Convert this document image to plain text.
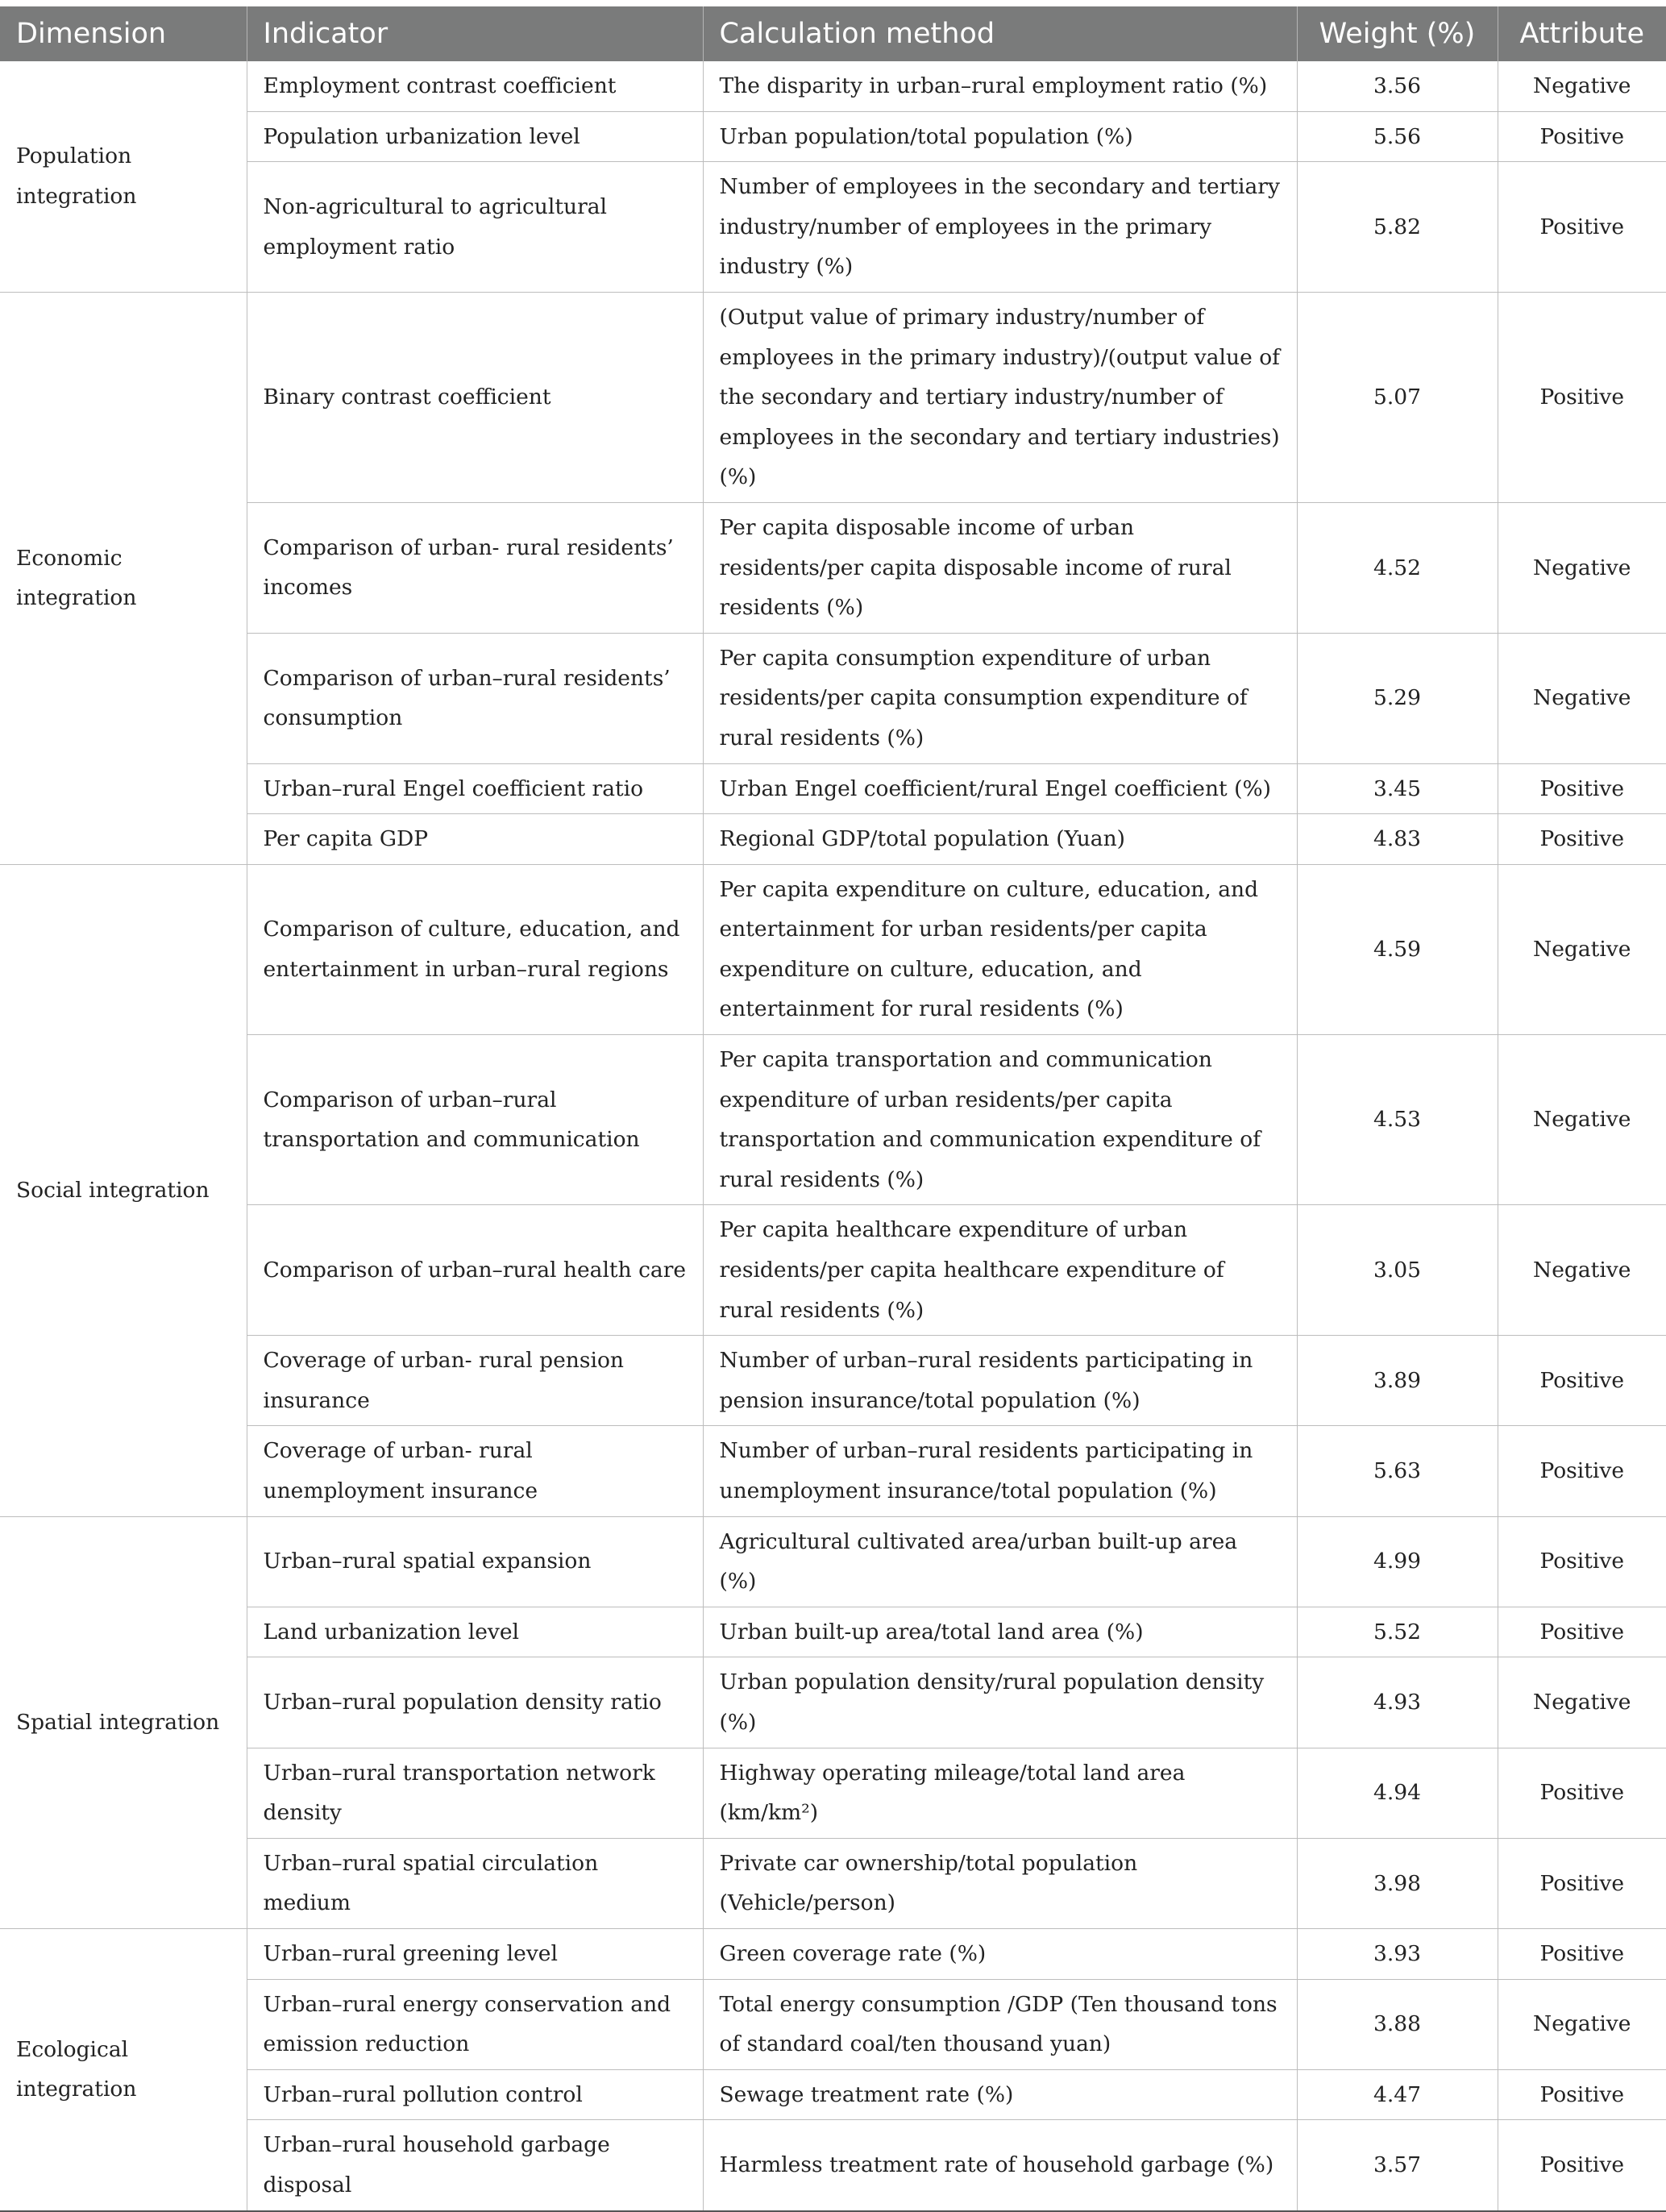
Dimension	Indicator	Calculation method	Weight (%)	Attribute
Population integration	Employment contrast coefficient	The disparity in urban–rural employment ratio (%)	3.56	Negative
	Population urbanization level	Urban population/total population (%)	5.56	Positive
	Non-agricultural to agricultural employment ratio	Number of employees in the secondary and tertiary industry/number of employees in the primary industry (%)	5.82	Positive
Economic integration	Binary contrast coefficient	(Output value of primary industry/number of employees in the primary industry)/(output value of the secondary and tertiary industry/number of employees in the secondary and tertiary industries) (%)	5.07	Positive
	Comparison of urban- rural residents’ incomes	Per capita disposable income of urban residents/per capita disposable income of rural residents (%)	4.52	Negative
	Comparison of urban–rural residents’ consumption	Per capita consumption expenditure of urban residents/per capita consumption expenditure of rural residents (%)	5.29	Negative
	Urban–rural Engel coefficient ratio	Urban Engel coefficient/rural Engel coefficient (%)	3.45	Positive
	Per capita GDP	Regional GDP/total population (Yuan)	4.83	Positive
Social integration	Comparison of culture, education, and entertainment in urban–rural regions	Per capita expenditure on culture, education, and entertainment for urban residents/per capita expenditure on culture, education, and entertainment for rural residents (%)	4.59	Negative
	Comparison of urban–rural transportation and communication	Per capita transportation and communication expenditure of urban residents/per capita transportation and communication expenditure of rural residents (%)	4.53	Negative
	Comparison of urban–rural health care	Per capita healthcare expenditure of urban residents/per capita healthcare expenditure of rural residents (%)	3.05	Negative
	Coverage of urban- rural pension insurance	Number of urban–rural residents participating in pension insurance/total population (%)	3.89	Positive
	Coverage of urban- rural unemployment insurance	Number of urban–rural residents participating in unemployment insurance/total population (%)	5.63	Positive
Spatial integration	Urban–rural spatial expansion	Agricultural cultivated area/urban built-up area (%)	4.99	Positive
	Land urbanization level	Urban built-up area/total land area (%)	5.52	Positive
	Urban–rural population density ratio	Urban population density/rural population density (%)	4.93	Negative
	Urban–rural transportation network density	Highway operating mileage/total land area (km/km²)	4.94	Positive
	Urban–rural spatial circulation medium	Private car ownership/total population (Vehicle/person)	3.98	Positive
Ecological integration	Urban–rural greening level	Green coverage rate (%)	3.93	Positive
	Urban–rural energy conservation and emission reduction	Total energy consumption /GDP (Ten thousand tons of standard coal/ten thousand yuan)	3.88	Negative
	Urban–rural pollution control	Sewage treatment rate (%)	4.47	Positive
	Urban–rural household garbage disposal	Harmless treatment rate of household garbage (%)	3.57	Positive
